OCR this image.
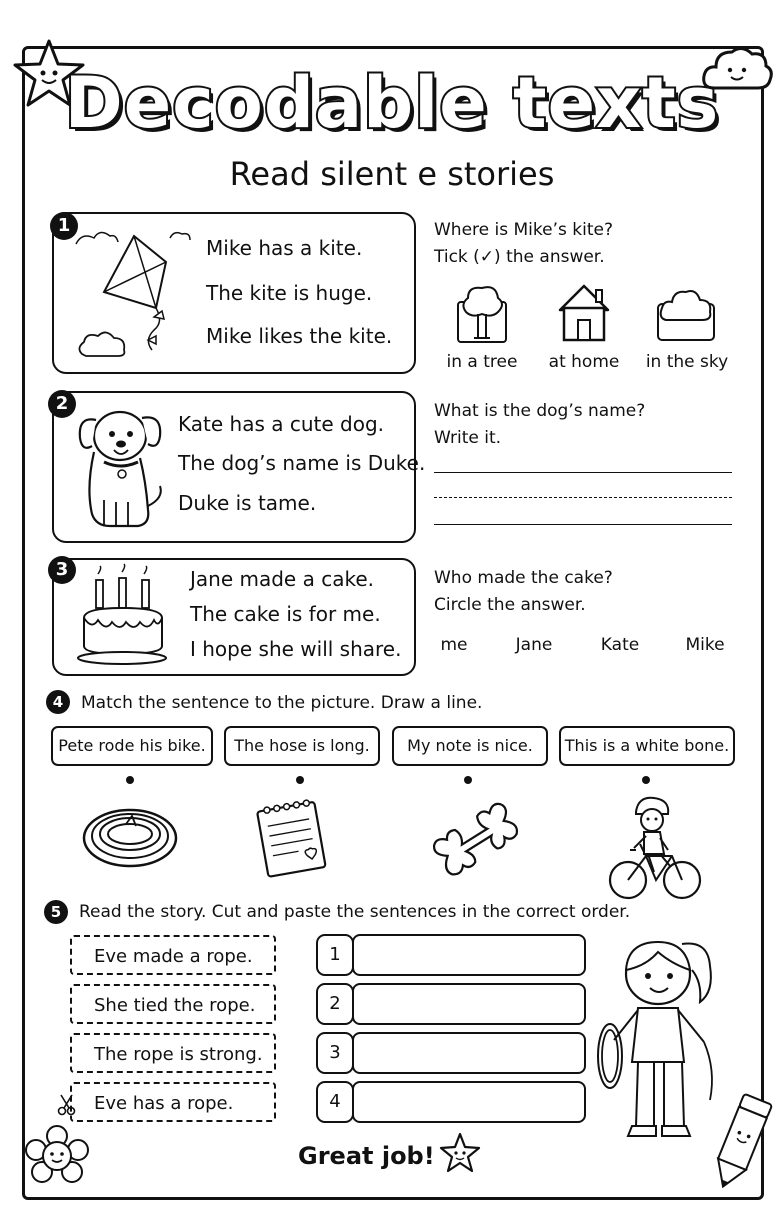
Decodable texts
Read silent e stories
1
Mike has a kite.
The kite is huge.
Mike likes the kite.
Where is Mike’s kite?
Tick (✓) the answer.
in a tree	at home	in the sky
2
Kate has a cute dog.
The dog’s name is Duke.
Duke is tame.
What is the dog’s name?
Write it.
3	Jane made a cake.
The cake is for me.
I hope she will share.
Who made the cake?
Circle the answer.
me	Jane	Kate	Mike
4	Match the sentence to the picture. Draw a line.
Pete rode his bike.	The hose is long.	My note is nice.	This is a white bone.
5	Read the story. Cut and paste the sentences in the correct order.
Eve made a rope.
She tied the rope.
The rope is strong.
Eve has a rope.
1
2
3
4
Great job!
